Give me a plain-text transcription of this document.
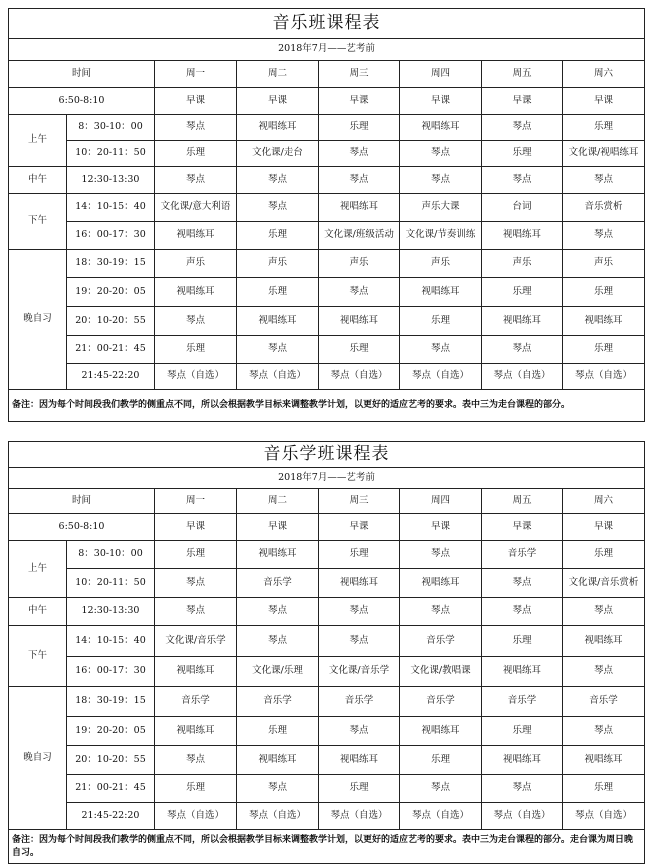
音乐班课程表							
2018年7月——艺考前							
时间		周一	周二	周三	周四	周五	周六
6:50-8:10		早课	早课	早课	早课	早课	早课
上午	8：30-10：00	琴点	视唱练耳	乐理	视唱练耳	琴点	乐理
	10：20-11：50	乐理	文化课/走台	琴点	琴点	乐理	文化课/视唱练耳
中午	12:30-13:30	琴点	琴点	琴点	琴点	琴点	琴点
下午	14：10-15：40	文化课/意大利语	琴点	视唱练耳	声乐大课	台词	音乐赏析
	16：00-17：30	视唱练耳	乐理	文化课/班级活动	文化课/节奏训练	视唱练耳	琴点
晚自习	18：30-19：15	声乐	声乐	声乐	声乐	声乐	声乐
	19：20-20：05	视唱练耳	乐理	琴点	视唱练耳	乐理	乐理
	20：10-20：55	琴点	视唱练耳	视唱练耳	乐理	视唱练耳	视唱练耳
	21：00-21：45	乐理	琴点	乐理	琴点	琴点	乐理
	21:45-22:20	琴点（自选）	琴点（自选）	琴点（自选）	琴点（自选）	琴点（自选）	琴点（自选）
备注：因为每个时间段我们教学的侧重点不同，所以会根据教学目标来调整教学计划，以更好的适应艺考的要求。表中三为走台课程的部分。							
音乐学班课程表							
2018年7月——艺考前							
时间		周一	周二	周三	周四	周五	周六
6:50-8:10		早课	早课	早课	早课	早课	早课
上午	8：30-10：00	乐理	视唱练耳	乐理	琴点	音乐学	乐理
	10：20-11：50	琴点	音乐学	视唱练耳	视唱练耳	琴点	文化课/音乐赏析
中午	12:30-13:30	琴点	琴点	琴点	琴点	琴点	琴点
下午	14：10-15：40	文化课/音乐学	琴点	琴点	音乐学	乐理	视唱练耳
	16：00-17：30	视唱练耳	文化课/乐理	文化课/音乐学	文化课/教唱课	视唱练耳	琴点
晚自习	18：30-19：15	音乐学	音乐学	音乐学	音乐学	音乐学	音乐学
	19：20-20：05	视唱练耳	乐理	琴点	视唱练耳	乐理	琴点
	20：10-20：55	琴点	视唱练耳	视唱练耳	乐理	视唱练耳	视唱练耳
	21：00-21：45	乐理	琴点	乐理	琴点	琴点	乐理
	21:45-22:20	琴点（自选）	琴点（自选）	琴点（自选）	琴点（自选）	琴点（自选）	琴点（自选）
备注：因为每个时间段我们教学的侧重点不同，所以会根据教学目标来调整教学计划，以更好的适应艺考的要求。表中三为走台课程的部分。走台课为周日晚自习。							
